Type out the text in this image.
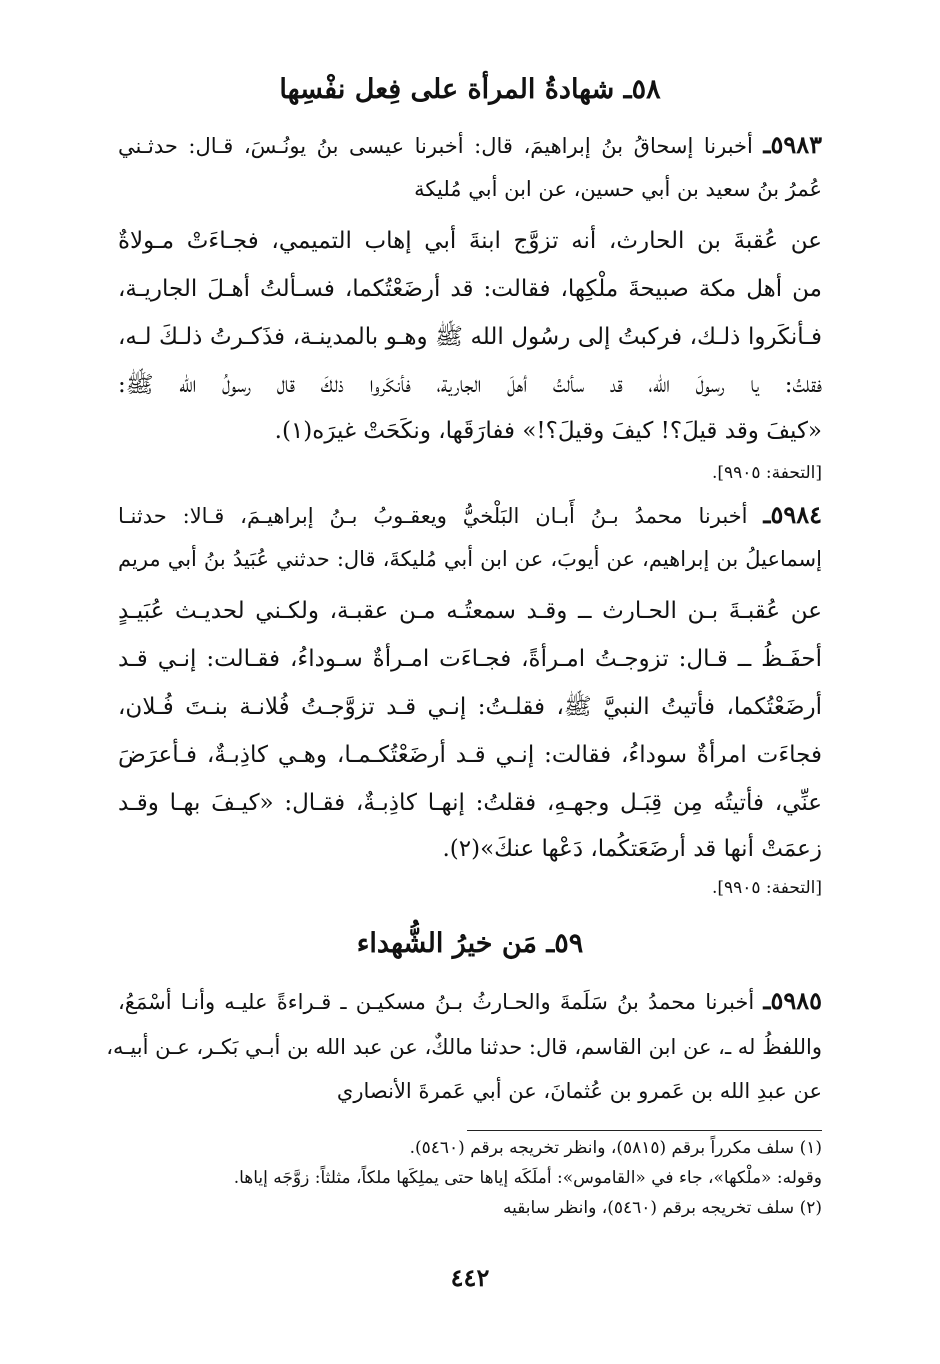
٥٨ـ شهادةُ المرأة على فِعل نفْسِها
٥٩٨٣ـ أخبرنا إسحاقُ بنُ إبراهيمَ، قال: أخبرنا عيسى بنُ يونُـسَ، قـال: حدثـني
عُمرُ بنُ سعيد بن أبي حسين، عن ابن أبي مُليكة
عن عُقبةَ بن الحارث، أنه تزوَّج ابنةَ أبي إهاب التميمي، فجـاءَتْ مـولاةٌ
من أهل مكة صبيحةَ ملْكِها، فقالت: قد أرضَعْتُكما، فسـألتُ أهـلَ الجاريـة،
فـأنكَروا ذلـك، فركبتُ إلى رسُول الله ﷺ وهـو بالمدينـة، فذَكـرتُ ذلـكَ لـه،
فقلتُ: يا رسولَ الله، قد سألتُ أهلَ الجارية، فأنكَروا ذلكَ قال رسولُ الله ﷺ:
«كيفَ وقد قيلَ؟! كيفَ وقيلَ؟!» ففارَقَها، ونكَحَتْ غيرَه(١).
[التحفة: ٩٩٠٥].
٥٩٨٤ـ أخبرنا محمدُ بـنُ أَبـان البَلْخيُّ ويعقـوبُ بـنُ إبراهيـمَ، قـالا: حدثنـا
إسماعيلُ بن إبراهيم، عن أيوبَ، عن ابن أبي مُليكةَ، قال: حدثني عُبَيدُ بنُ أبي مريم
عن عُقبـةَ بـن الحـارث ــ وقـد سمعتُـه مـن عقبـة، ولكـني لحديـث عُبَيـدٍ
أحفَـظُ ــ قـال: تزوجـتُ امـرأةً، فجـاءَت امـرأةٌ سـوداءُ، فقـالت: إنـي قـد
أرضَعْتُكما، فأتيتُ النبيَّ ﷺ، فقلـتُ: إنـي قـد تزوَّجـتُ فُلانـة بنـتَ فُـلان،
فجاءَت امرأةٌ سوداءُ، فقالت: إنـي قـد أرضَعْتُكـمـا، وهـي كاذِبـةٌ، فـأعرَضَ
عنِّي، فأتيتُه مِن قِبَـل وجهـهِ، فقلتُ: إنهـا كاذِبـةٌ، فقـال: «كيـفَ بهـا وقـد
زعمَتْ أنها قد أرضَعَتكُما، دَعْها عنكَ»(٢).
[التحفة: ٩٩٠٥].
٥٩ـ مَن خيرُ الشُّهداء
٥٩٨٥ـ أخبرنا محمدُ بنُ سَلَمةَ والحـارثُ بـنُ مسكيـن ـ قـراءةً عليـه وأنـا أسْمَعُ،
واللفظُ له ـ، عن ابن القاسم، قال: حدثنا مالكٌ، عن عبد الله بن أبـي بَكـر، عـن أبيـه،
عن عبدِ الله بن عَمرو بن عُثمانَ، عن أبي عَمرةَ الأنصاري
(١) سلف مكرراً برقم (٥٨١٥)، وانظر تخريجه برقم (٥٤٦٠).
وقوله: «ملْكها»، جاء في «القاموس»: أملَكَه إياها حتى يملِكَها ملكاً، مثلثاً: زوَّجَه إياها.
(٢) سلف تخريجه برقم (٥٤٦٠)، وانظر سابقيه
٤٤٢
